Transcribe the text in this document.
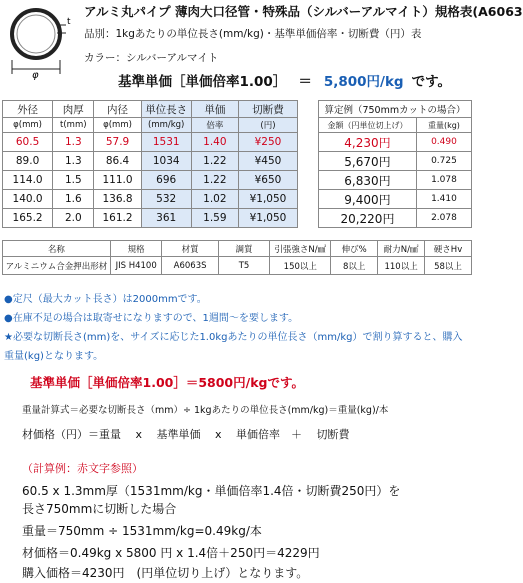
t
φ
アルミ丸パイプ 薄肉大口径管・特殊品（シルバーアルマイト）規格表(A6063
品別：1kgあたりの単位長さ(mm/kg)・基準単価倍率・切断費（円）表
カラー：シルバーアルマイト
基準単価［単価倍率1.00］ ＝ 5,800円/kg です。
外径	肉厚	内径	単位長さ	単価	切断費
φ(mm)	t(mm)	φ(mm)	(mm/kg)	倍率	(円)
60.5	1.3	57.9	1531	1.40	¥250
89.0	1.3	86.4	1034	1.22	¥450
114.0	1.5	111.0	696	1.22	¥650
140.0	1.6	136.8	532	1.02	¥1,050
165.2	2.0	161.2	361	1.59	¥1,050
算定例（750mmカットの場合）	
金額（円単位切上げ）	重量(kg)
4,230円	0.490
5,670円	0.725
6,830円	1.078
9,400円	1.410
20,220円	2.078
名称	規格	材質	調質	引張強さN/㎟	伸び%	耐力N/㎟	硬さHv
アルミニウム合金押出形材	JIS H4100	A6063S	T5	150以上	8以上	110以上	58以上
●定尺（最大カット長さ）は2000mmです。
●在庫不足の場合は取寄せになりますので、1週間〜を要します。
★必要な切断長さ(mm)を、サイズに応じた1.0kgあたりの単位長さ（mm/kg）で割り算すると、購入重量(kg)となります。
基準単価［単価倍率1.00］＝5800円/kgです。
重量計算式＝必要な切断長さ（mm）÷ 1kgあたりの単位長さ(mm/kg)＝重量(kg)/本
材価格（円）＝重量　 x　 基準単価　 x　 単価倍率　＋　 切断費
（計算例：赤文字参照）
60.5 x 1.3mm厚（1531mm/kg・単価倍率1.4倍・切断費250円）を
長さ750mmに切断した場合
重量＝750mm ÷ 1531mm/kg=0.49kg/本
材価格＝0.49kg x 5800 円 x 1.4倍＋250円＝4229円
購入価格＝4230円　(円単位切り上げ）となります。
